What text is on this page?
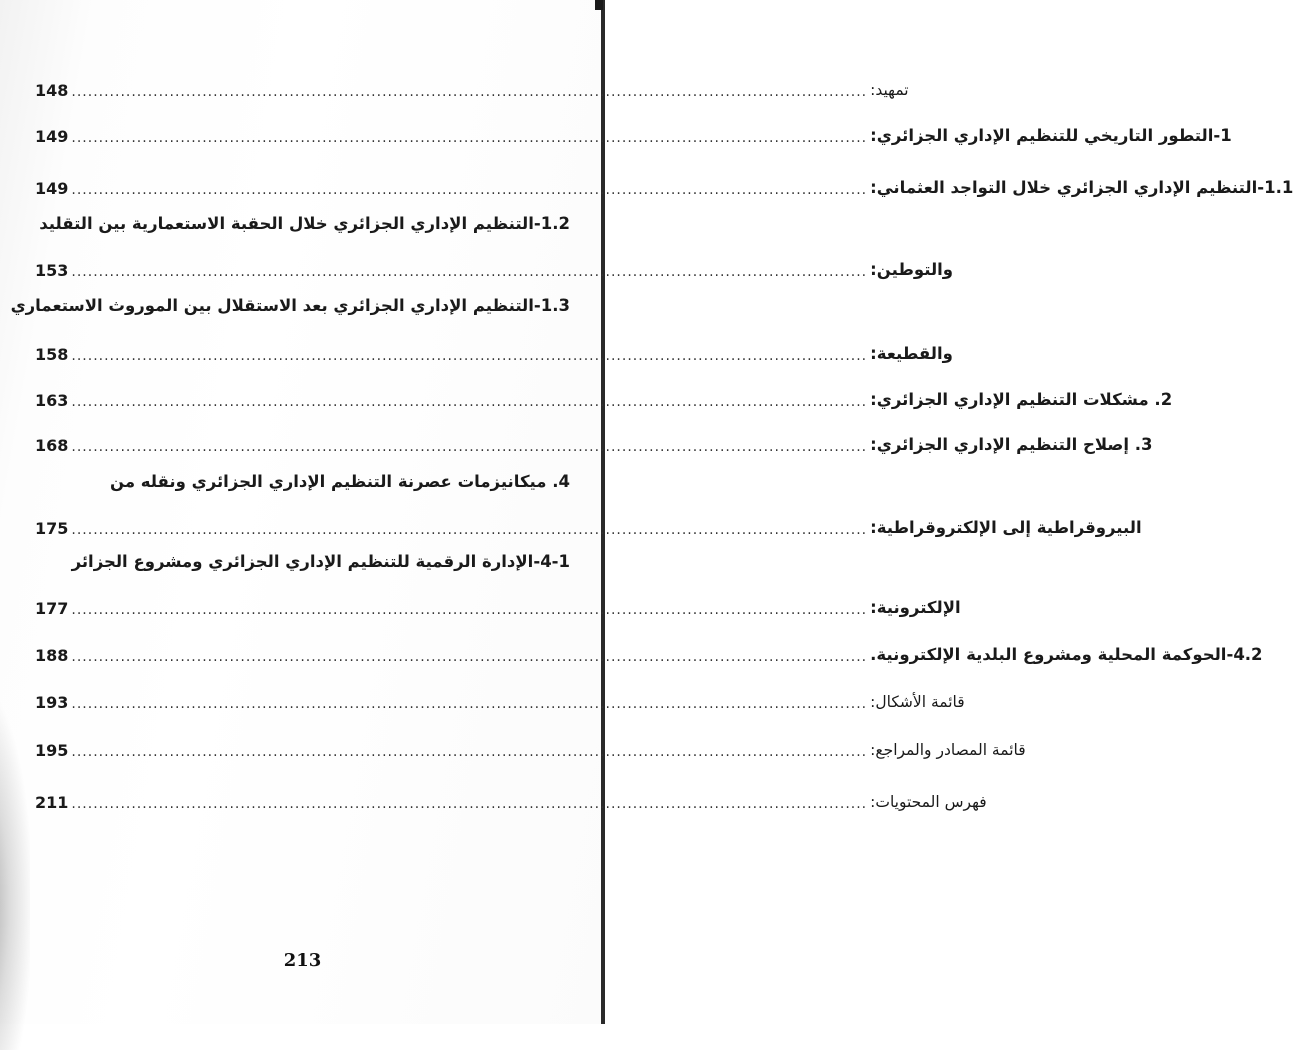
148 .................................................................................................................................................. تمهيد:
149 .................................................................................................................................................. 1-التطور التاريخي للتنظيم الإداري الجزائري:
149 .................................................................................................................................................. 1.1-التنظيم الإداري الجزائري خلال التواجد العثماني:
1.2-التنظيم الإداري الجزائري خلال الحقبة الاستعمارية بين التقليد
153 .................................................................................................................................................. والتوطين:
1.3-التنظيم الإداري الجزائري بعد الاستقلال بين الموروث الاستعماري
158 .................................................................................................................................................. والقطيعة:
163 .................................................................................................................................................. 2. مشكلات التنظيم الإداري الجزائري:
168 .................................................................................................................................................. 3. إصلاح التنظيم الإداري الجزائري:
4. ميكانيزمات عصرنة التنظيم الإداري الجزائري ونقله من
175 .................................................................................................................................................. البيروقراطية إلى الإلكتروقراطية:
4-1-الإدارة الرقمية للتنظيم الإداري الجزائري ومشروع الجزائر
177 .................................................................................................................................................. الإلكترونية:
188 .................................................................................................................................................. 4.2-الحوكمة المحلية ومشروع البلدية الإلكترونية.
193 .................................................................................................................................................. قائمة الأشكال:
195 .................................................................................................................................................. قائمة المصادر والمراجع:
211 .................................................................................................................................................. فهرس المحتويات:
213
